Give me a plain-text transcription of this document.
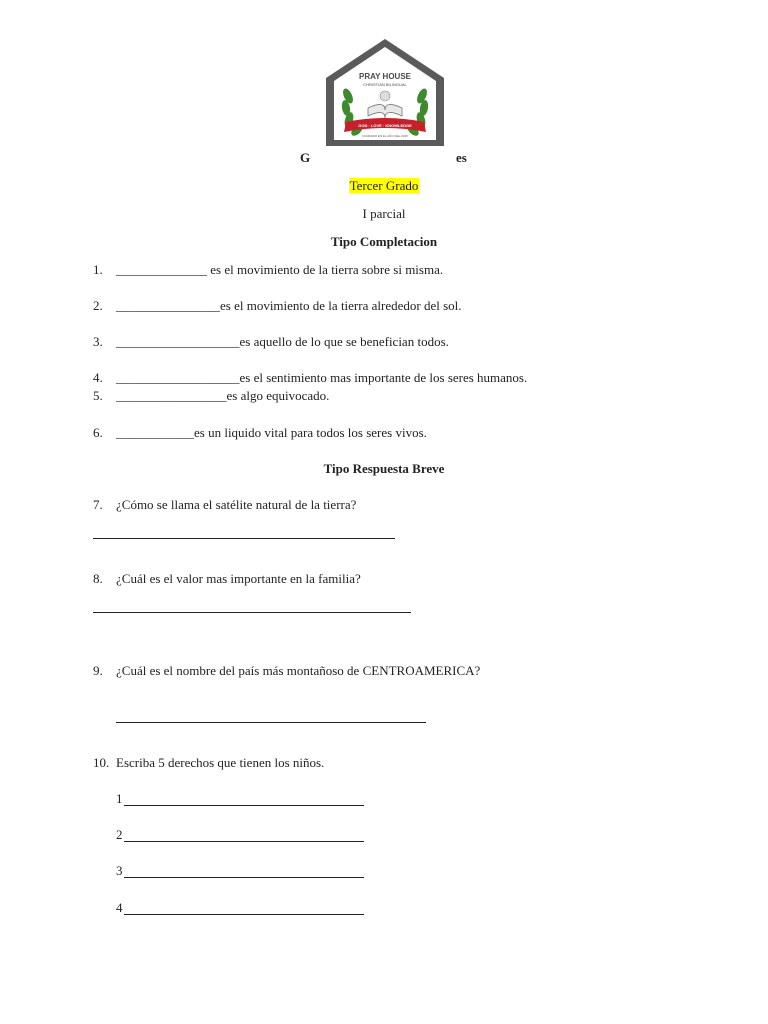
PRAY HOUSE
CHRISTIAN BILINGUAL
GOD · LOVE · KNOWLEDGE
FUNDADO EN EL AÑO DEL 2015
G	es
Tercer Grado
I parcial
Tipo Completacion
1. ______________ es el movimiento de la tierra sobre si misma.
2. ________________es el movimiento de la tierra alrededor del sol.
3. ___________________es aquello de lo que se benefician todos.
4. ___________________es el sentimiento mas importante de los seres humanos.
5. _________________es algo equivocado.
6. ____________es un liquido vital para todos los seres vivos.
Tipo Respuesta Breve
7. ¿Cómo se llama el satélite natural de la tierra?
8. ¿Cuál es el valor mas importante en la familia?
9. ¿Cuál es el nombre del país más montañoso de CENTROAMERICA?
10. Escriba 5 derechos que tienen los niños.
1
2
3
4
